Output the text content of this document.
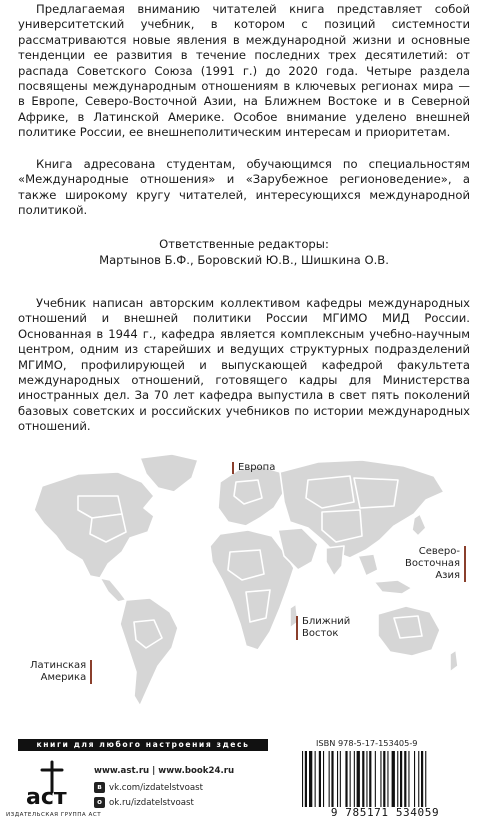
Предлагаемая вниманию читателей книга представляет собой университетский учебник, в котором с позиций системности рассматриваются новые явления в международной жизни и основные тенденции ее развития в течение последних трех десятилетий: от распада Советского Союза (1991 г.) до 2020 года. Четыре раздела посвящены международным отношениям в ключевых регионах мира — в Европе, Северо-Восточной Азии, на Ближнем Востоке и в Северной Африке, в Латинской Америке. Особое внимание уделено внешней политике России, ее внешнеполитическим интересам и приоритетам.

Книга адресована студентам, обучающимся по специальностям «Международные отношения» и «Зарубежное регионоведение», а также широкому кругу читателей, интересующихся международной политикой.

Ответственные редакторы:
Мартынов Б.Ф., Боровский Ю.В., Шишкина О.В.

Учебник написан авторским коллективом кафедры международных отношений и внешней политики России МГИМО МИД России. Основанная в 1944 г., кафедра является комплексным учебно-научным центром, одним из старейших и ведущих структурных подразделений МГИМО, профилирующей и выпускающей кафедрой факультета международных отношений, готовящего кадры для Министерства иностранных дел. За 70 лет кафедра выпустила в свет пять поколений базовых советских и российских учебников по истории международных отношений.

Европа
Северо-
Восточная
Азия
Ближний
Восток
Латинская
Америка
книги для любого настроения здесь
аст
ИЗДАТЕЛЬСКАЯ ГРУППА АСТ
www.ast.ru | www.book24.ru
в vk.com/izdatelstvoast
о ok.ru/izdatelstvoast
ISBN 978-5-17-153405-9
9 785171 534059
